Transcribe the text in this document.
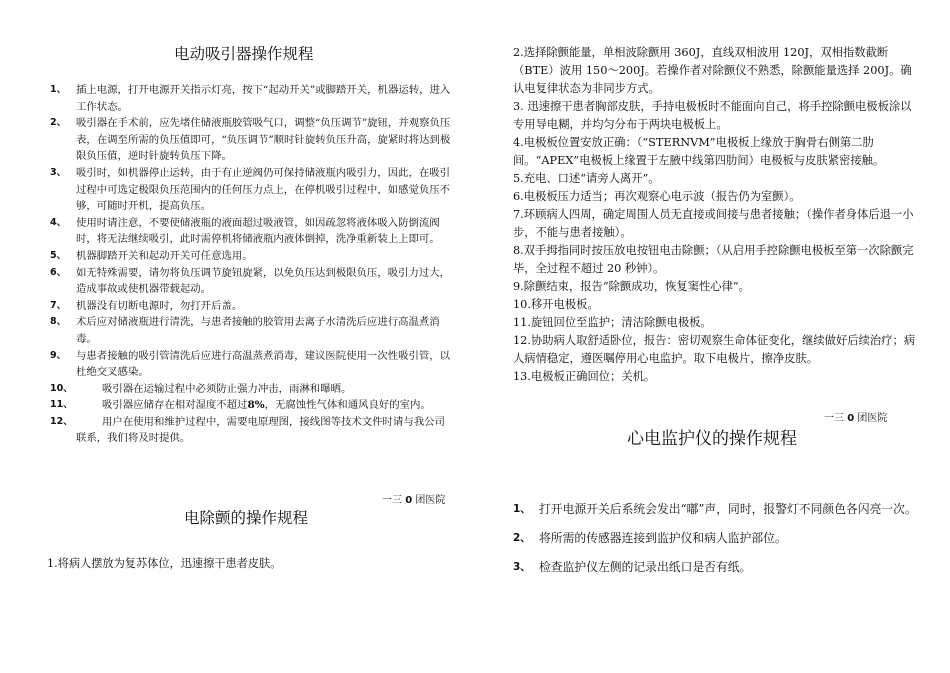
电动吸引器操作规程
1、 插上电源，打开电源开关指示灯亮，按下“起动开关”或脚踏开关，机器运转，进入工作状态。
2、 吸引器在手术前，应先堵住储液瓶胶管吸气口，调整“负压调节”旋钮，并观察负压表，在调至所需的负压值即可，“负压调节”顺时针旋转负压升高，旋紧时将达到极限负压值，逆时针旋转负压下降。
3、 吸引时，如机器停止运转，由于有止逆阀仍可保持储液瓶内吸引力，因此，在吸引过程中可选定极限负压范围内的任何压力点上，在停机吸引过程中，如感觉负压不够，可随时开机，提高负压。
4、 使用时请注意，不要使储液瓶的液面超过吸液管，如因疏忽将液体吸入防倒流阀时，将无法继续吸引，此时需停机将储液瓶内液体倒掉，洗净重新装上上即可。
5、 机器脚踏开关和起动开关可任意选用。
6、 如无特殊需要，请勿将负压调节旋钮旋紧，以免负压达到极限负压，吸引力过大，造成事故或使机器带载起动。
7、 机器没有切断电源时，勿打开后盖。
8、 术后应对储液瓶进行清洗，与患者接触的胶管用去离子水清洗后应进行高温煮消毒。
9、 与患者接触的吸引管清洗后应进行高温蒸煮消毒，建议医院使用一次性吸引管，以杜绝交叉感染。
10、	吸引器在运输过程中必须防止强力冲击，雨淋和曝晒。
11、	吸引器应储存在相对湿度不超过8%，无腐蚀性气体和通风良好的室内。
12、	用户在使用和维护过程中，需要电原理图，接线图等技术文件时请与我公司联系，我们将及时提供。
一三 0 团医院
电除颤的操作规程
1.将病人摆放为复苏体位，迅速擦干患者皮肤。
2.选择除颤能量，单相波除颤用 360J，直线双相波用 120J，双相指数截断（BTE）波用 150～200J。若操作者对除颤仪不熟悉，除颤能量选择 200J。确认电复律状态为非同步方式。
3. 迅速擦干患者胸部皮肤，手持电极板时不能面向自己，将手控除颤电极板涂以专用导电糊，并均匀分布于两块电极板上。
4.电极板位置安放正确：（“STERNVM”电极板上缘放于胸骨右侧第二肋间。“APEX”电极板上缘置于左腋中线第四肋间）电极板与皮肤紧密接触。
5.充电、口述“请旁人离开”。
6.电极板压力适当；再次观察心电示波（报告仍为室颤）。
7.环顾病人四周，确定周围人员无直接或间接与患者接触；（操作者身体后退一小步，不能与患者接触）。
8.双手拇指同时按压放电按钮电击除颤；（从启用手控除颤电极板至第一次除颤完毕，全过程不超过 20 秒钟）。
9.除颤结束，报告“除颤成功，恢复窦性心律”。
10.移开电极板。
11.旋钮回位至监护；清洁除颤电极板。
12.协助病人取舒适卧位，报告：密切观察生命体征变化，继续做好后续治疗；病人病情稳定，遵医嘱停用心电监护。取下电极片，擦净皮肤。
13.电极板正确回位；关机。
一三 0 团医院
心电监护仪的操作规程
1、 打开电源开关后系统会发出“嘟”声，同时，报警灯不同颜色各闪亮一次。
2、 将所需的传感器连接到监护仪和病人监护部位。
3、 检查监护仪左侧的记录出纸口是否有纸。
